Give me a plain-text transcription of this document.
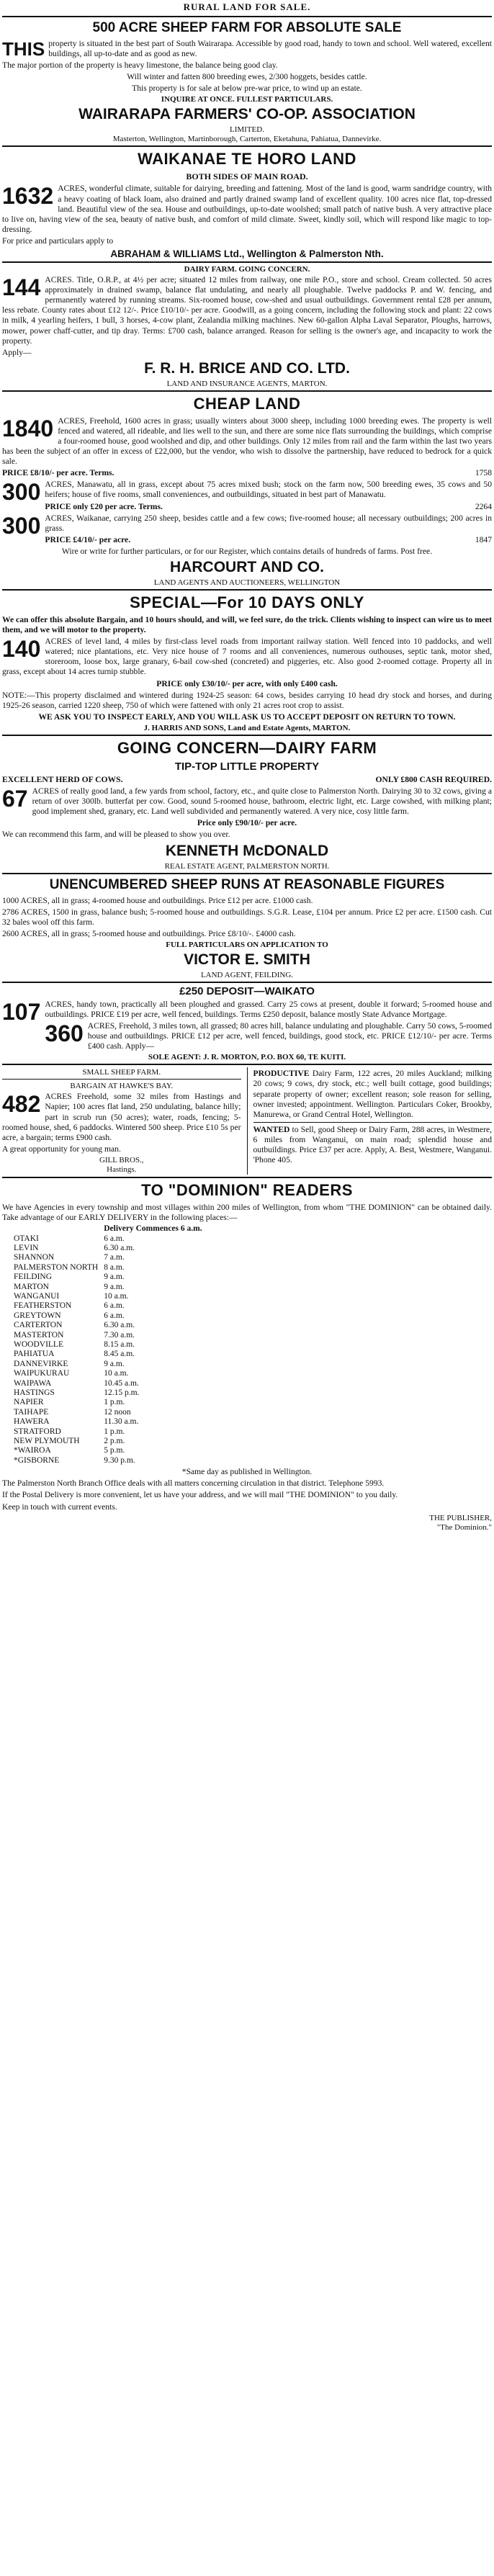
RURAL LAND FOR SALE.
500 ACRE SHEEP FARM FOR ABSOLUTE SALE

THIS property is situated in the best part of South Wairarapa. Accessible by good road, handy to town and school. Well watered, excellent buildings, all up-to-date and as good as new.

The major portion of the property is heavy limestone, the balance being good clay.

Will winter and fatten 800 breeding ewes, 2/300 hoggets, besides cattle.

This property is for sale at below pre-war price, to wind up an estate.

INQUIRE AT ONCE. FULLEST PARTICULARS.
WAIRARAPA FARMERS' CO-OP. ASSOCIATION
LIMITED.
Masterton, Wellington, Martinborough, Carterton, Eketahuna, Pahiatua, Dannevirke.
WAIKANAE TE HORO LAND
BOTH SIDES OF MAIN ROAD.

1632 ACRES, wonderful climate, suitable for dairying, breeding and fattening. Most of the land is good, warm sandridge country, with a heavy coating of black loam, also drained and partly drained swamp land of excellent quality. 100 acres nice flat, top-dressed land. Beautiful view of the sea. House and outbuildings, up-to-date woolshed; small patch of native bush. A very attractive place to live on, having view of the sea, beauty of native bush, and comfort of mild climate. Sweet, kindly soil, which will respond like magic to top-dressing.

For price and particulars apply to

ABRAHAM & WILLIAMS Ltd., Wellington & Palmerston Nth.
DAIRY FARM. GOING CONCERN.

144 ACRES. Title, O.R.P., at 4½ per acre; situated 12 miles from railway, one mile P.O., store and school. Cream collected. 50 acres approximately in drained swamp, balance flat undulating, and nearly all ploughable. Twelve paddocks P. and W. fencing, and permanently watered by running streams. Six-roomed house, cow-shed and usual outbuildings. Government rental £28 per annum, less rebate. County rates about £12 12/-. Price £10/10/- per acre. Goodwill, as a going concern, including the following stock and plant: 22 cows in milk, 4 yearling heifers, 1 bull, 3 horses, 4-cow plant, Zealandia milking machines. New 60-gallon Alpha Laval Separator, Ploughs, harrows, mower, power chaff-cutter, and tip dray. Terms: £700 cash, balance arranged. Reason for selling is the owner's age, and incapacity to work the property.

Apply—

F. R. H. BRICE AND CO. LTD.
LAND AND INSURANCE AGENTS, MARTON.
CHEAP LAND

1840 ACRES, Freehold, 1600 acres in grass; usually winters about 3000 sheep, including 1000 breeding ewes. The property is well fenced and watered, all rideable, and lies well to the sun, and there are some nice flats surrounding the buildings, which comprise a four-roomed house, good woolshed and dip, and other buildings. Only 12 miles from rail and the farm within the last two years has been the subject of an offer in excess of £22,000, but the vendor, who wish to dissolve the partnership, have reduced to bedrock for a quick sale.

PRICE £8/10/- per acre. Terms.	1758

300 ACRES, Manawatu, all in grass, except about 75 acres mixed bush; stock on the farm now, 500 breeding ewes, 35 cows and 50 heifers; house of five rooms, small conveniences, and outbuildings, situated in best part of Manawatu.

PRICE only £20 per acre. Terms.	2264

300 ACRES, Waikanae, carrying 250 sheep, besides cattle and a few cows; five-roomed house; all necessary outbuildings; 200 acres in grass.

PRICE £4/10/- per acre.	1847

Wire or write for further particulars, or for our Register, which contains details of hundreds of farms. Post free.

HARCOURT AND CO.
LAND AGENTS AND AUCTIONEERS, WELLINGTON
SPECIAL—For 10 DAYS ONLY

We can offer this absolute Bargain, and 10 hours should, and will, we feel sure, do the trick. Clients wishing to inspect can wire us to meet them, and we will motor to the property.

140 ACRES of level land, 4 miles by first-class level roads from important railway station. Well fenced into 10 paddocks, and well watered; nice plantations, etc. Very nice house of 7 rooms and all conveniences, numerous outhouses, septic tank, motor shed, storeroom, loose box, large granary, 6-bail cow-shed (concreted) and piggeries, etc. Also good 2-roomed cottage. Property all in grass, except about 14 acres turnip stubble.

PRICE only £30/10/- per acre, with only £400 cash.

NOTE:—This property disclaimed and wintered during 1924-25 season: 64 cows, besides carrying 10 head dry stock and horses, and during 1925-26 season, carried 1220 sheep, 750 of which were fattened with only 21 acres root crop to assist.

WE ASK YOU TO INSPECT EARLY, AND YOU WILL ASK US TO ACCEPT DEPOSIT ON RETURN TO TOWN.

J. HARRIS AND SONS, Land and Estate Agents, MARTON.
GOING CONCERN—DAIRY FARM
TIP-TOP LITTLE PROPERTY

EXCELLENT HERD OF COWS.	ONLY £800 CASH REQUIRED.

67 ACRES of really good land, a few yards from school, factory, etc., and quite close to Palmerston North. Dairying 30 to 32 cows, giving a return of over 300lb. butterfat per cow. Good, sound 5-roomed house, bathroom, electric light, etc. Large cowshed, with milking plant; good implement shed, granary, etc. Land well subdivided and permanently watered. A very nice, cosy little farm.

Price only £90/10/- per acre.

We can recommend this farm, and will be pleased to show you over.

KENNETH McDONALD
REAL ESTATE AGENT, PALMERSTON NORTH.
UNENCUMBERED SHEEP RUNS AT REASONABLE FIGURES

1000 ACRES, all in grass; 4-roomed house and outbuildings. Price £12 per acre. £1000 cash.

2786 ACRES, 1500 in grass, balance bush; 5-roomed house and outbuildings. S.G.R. Lease, £104 per annum. Price £2 per acre. £1500 cash. Cut 32 bales wool off this farm.

2600 ACRES, all in grass; 5-roomed house and outbuildings. Price £8/10/-. £4000 cash.

FULL PARTICULARS ON APPLICATION TO
VICTOR E. SMITH
LAND AGENT, FEILDING.
£250 DEPOSIT—WAIKATO

107 ACRES, handy town, practically all been ploughed and grassed. Carry 25 cows at present, double it forward; 5-roomed house and outbuildings. PRICE £19 per acre, well fenced, buildings. Terms £250 deposit, balance mostly State Advance Mortgage.

360 ACRES, Freehold, 3 miles town, all grassed; 80 acres hill, balance undulating and ploughable. Carry 50 cows, 5-roomed house and outbuildings. PRICE £12 per acre, well fenced, buildings, good stock, etc. PRICE £12/10/- per acre. Terms £400 cash. Apply—

SOLE AGENT: J. R. MORTON, P.O. BOX 60, TE KUITI.
SMALL SHEEP FARM.
BARGAIN AT HAWKE'S BAY.

482 ACRES Freehold, some 32 miles from Hastings and Napier; 100 acres flat land, 250 undulating, balance hilly; part in scrub run (50 acres); water, roads, fencing; 5-roomed house, shed, 6 paddocks. Wintered 500 sheep. Price £10 5s per acre, a bargain; terms £900 cash.

A great opportunity for young man.

GILL BROS.,
Hastings.

PRODUCTIVE Dairy Farm, 122 acres, 20 miles Auckland; milking 20 cows; 9 cows, dry stock, etc.; well built cottage, good buildings; separate property of owner; excellent reason; sole reason for selling, owner invested; appointment. Wellington. Particulars Coker, Brookby, Manurewa, or Grand Central Hotel, Wellington.

WANTED to Sell, good Sheep or Dairy Farm, 288 acres, in Westmere, 6 miles from Wanganui, on main road; splendid house and outbuildings. Price £37 per acre. Apply, A. Best, Westmere, Wanganui. 'Phone 405.

TO "DOMINION" READERS

We have Agencies in every township and most villages within 200 miles of Wellington, from whom "THE DOMINION" can be obtained daily. Take advantage of our EARLY DELIVERY in the following places:—

	Delivery Commences 6 a.m.
OTAKI	6 a.m.
LEVIN	6.30 a.m.
SHANNON	7 a.m.
PALMERSTON NORTH	8 a.m.
FEILDING	9 a.m.
MARTON	9 a.m.
WANGANUI	10 a.m.
FEATHERSTON	6 a.m.
GREYTOWN	6 a.m.
CARTERTON	6.30 a.m.
MASTERTON	7.30 a.m.
WOODVILLE	8.15 a.m.
PAHIATUA	8.45 a.m.
DANNEVIRKE	9 a.m.
WAIPUKURAU	10 a.m.
WAIPAWA	10.45 a.m.
HASTINGS	12.15 p.m.
NAPIER	1 p.m.
TAIHAPE	12 noon
HAWERA	11.30 a.m.
STRATFORD	1 p.m.
NEW PLYMOUTH	2 p.m.
*WAIROA	5 p.m.
*GISBORNE	9.30 p.m.

*Same day as published in Wellington.

The Palmerston North Branch Office deals with all matters concerning circulation in that district. Telephone 5993.

If the Postal Delivery is more convenient, let us have your address, and we will mail "THE DOMINION" to you daily.

Keep in touch with current events.

THE PUBLISHER,
"The Dominion."
